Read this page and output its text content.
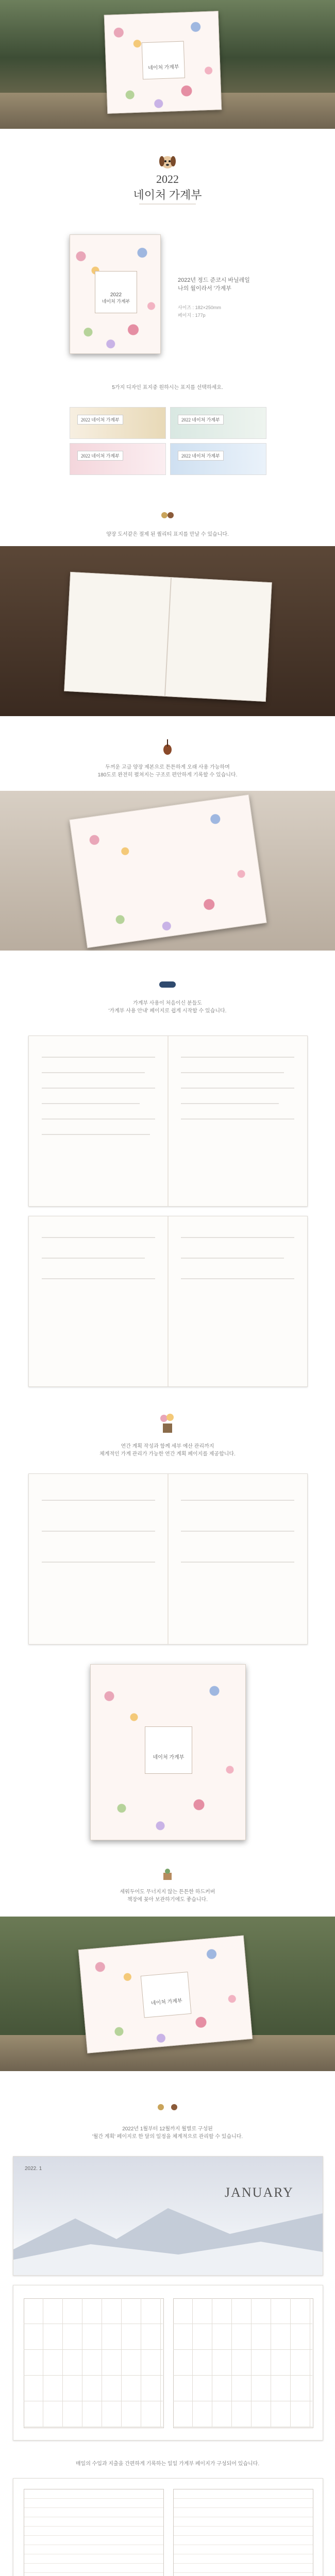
네이처 가계부
2022
네이처 가계부
2022
네이처 가계부
2022년 정드 준코시 바닐레일
나의 월이라서 '가계부
사이즈 : 182×250mm
페이지 : 177p
5가지 디자인 표지중 원하시는 표지를 선택하세요.
2022 네이처 가계부	2022 네이처 가계부
2022 네이처 가계부	2022 네이처 가계부
양장 도서같은 절제 된 퀄리티 표지를 만날 수 있습니다.
두꺼운 고급 양장 제본으로 튼튼하게 오래 사용 가능하며
180도로 완전히 펼쳐지는 구조로 편안하게 기록할 수 있습니다.
가계부 사용이 처음이신 분들도
'가계부 사용 안내' 페이지로 쉽게 시작할 수 있습니다.
연간 계획 작성과 함께 세부 예산 관리까지
체계적인 가계 관리가 가능한 연간 계획 페이지를 제공합니다.
네이처 가계부
세워두어도 무너지지 않는 튼튼한 하드커버
책장에 꽂아 보관하기에도 좋습니다.
네이처 가계부
2022년 1월부터 12월까지 월별로 구성된
'월간 계획' 페이지로 한 달의 일정을 체계적으로 관리할 수 있습니다.
2022. 1
JANUARY
매일의 수입과 지출을 간편하게 기록하는 일일 가계부 페이지가 구성되어 있습니다.
